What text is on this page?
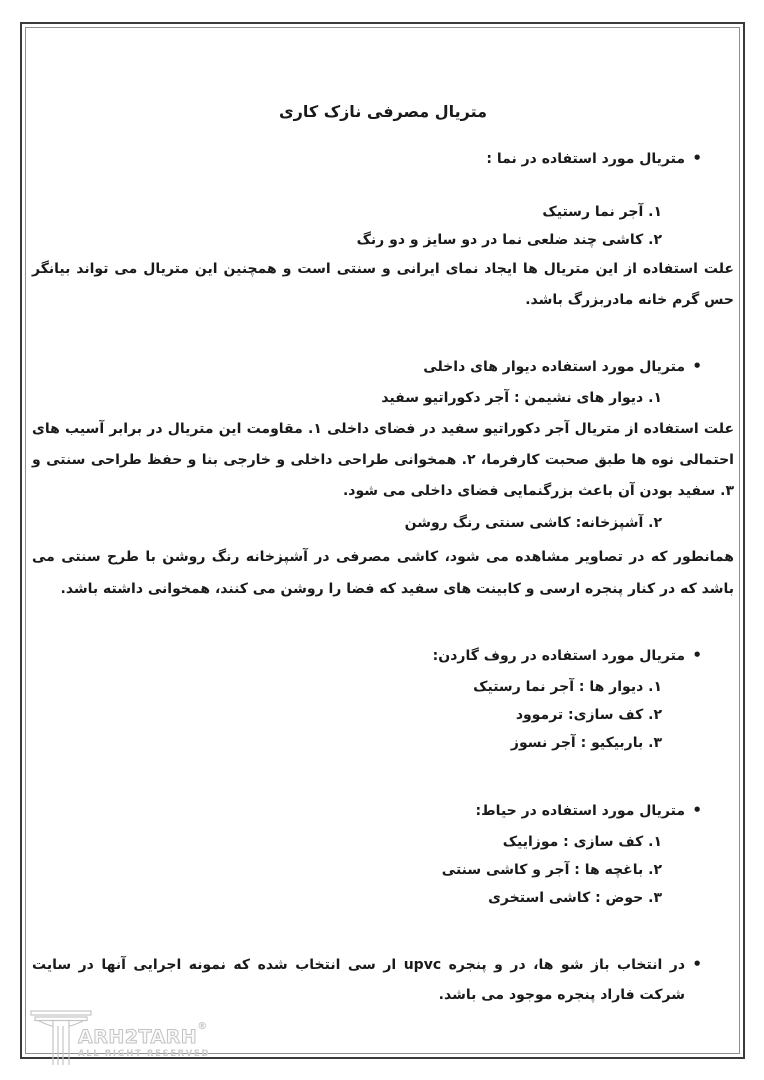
متریال مصرفی نازک کاری
•
متریال مورد استفاده در نما :
۱. آجر نما رستیک
۲. کاشی چند ضلعی نما در دو سایز و دو رنگ

علت استفاده از این متریال ها ایجاد نمای ایرانی و سنتی است و همچنین این متریال می تواند بیانگر حس گرم خانه مادربزرگ باشد.

•
متریال مورد استفاده دیوار های داخلی
۱. دیوار های نشیمن : آجر دکوراتیو سفید

علت استفاده از متریال آجر دکوراتیو سفید در فضای داخلی ۱. مقاومت این متریال در برابر آسیب های احتمالی نوه ها طبق صحبت کارفرما، ۲. همخوانی طراحی داخلی و خارجی بنا و حفظ طراحی سنتی و ۳. سفید بودن آن باعث بزرگنمایی فضای داخلی می شود.

۲. آشپزخانه: کاشی سنتی رنگ روشن

همانطور که در تصاویر مشاهده می شود، کاشی مصرفی در آشپزخانه رنگ روشن با طرح سنتی می باشد که در کنار پنجره ارسی و کابینت های سفید که فضا را روشن می کنند، همخوانی داشته باشد.

•
متریال مورد استفاده در روف گاردن:
۱. دیوار ها : آجر نما رستیک
۲. کف سازی: ترموود
۳. باربیکیو : آجر نسوز
•
متریال مورد استفاده در حیاط:
۱. کف سازی : موزاییک
۲. باغچه ها : آجر و کاشی سنتی
۳. حوض : کاشی استخری
•
در انتخاب باز شو ها، در و پنجره upvc ار سی انتخاب شده که نمونه اجرایی آنها در سایت شرکت فاراد پنجره موجود می باشد.
ARH2TARH®
ALL RIGHT RESERVED
